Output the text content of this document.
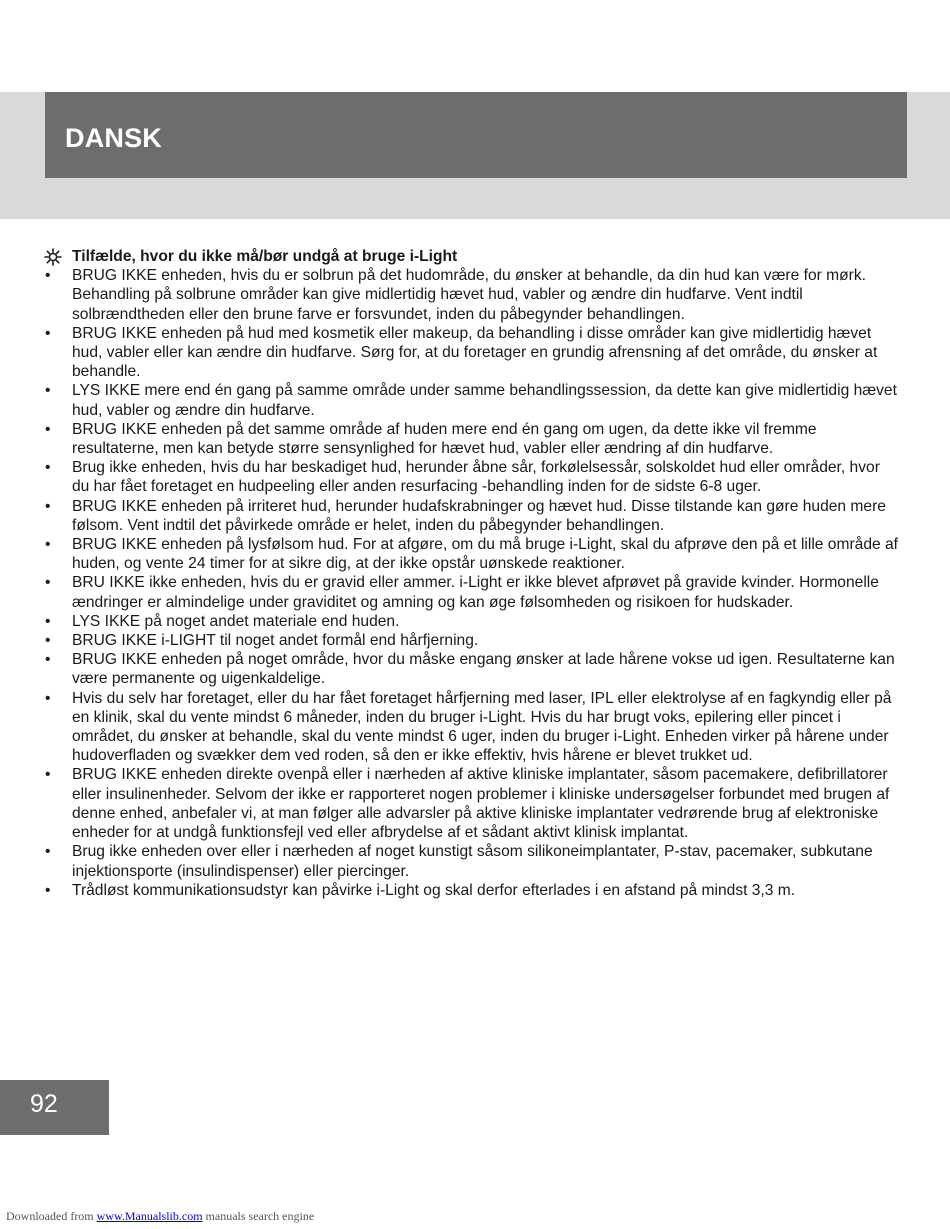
DANSK
Tilfælde, hvor du ikke må/bør undgå at bruge i-Light
•	BRUG IKKE enheden, hvis du er solbrun på det hudområde, du ønsker at behandle, da din hud kan være for mørk. Behandling på solbrune områder kan give midlertidig hævet hud, vabler og ændre din hudfarve. Vent indtil solbrændtheden eller den brune farve er forsvundet, inden du påbegynder behandlingen.
•	BRUG IKKE enheden på hud med kosmetik eller makeup, da behandling i disse områder kan give midlertidig hævet hud, vabler eller kan ændre din hudfarve. Sørg for, at du foretager en grundig afrensning af det område, du ønsker at behandle.
•	LYS IKKE mere end én gang på samme område under samme behandlingssession, da dette kan give midlertidig hævet hud, vabler og ændre din hudfarve.
•	BRUG IKKE enheden på det samme område af huden mere end én gang om ugen, da dette ikke vil fremme resultaterne, men kan betyde større sensynlighed for hævet hud, vabler eller ændring af din hudfarve.
•	Brug ikke enheden, hvis du har beskadiget hud, herunder åbne sår, forkølelsessår, solskoldet hud eller områder, hvor du har fået foretaget en hudpeeling eller anden resurfacing -behandling inden for de sidste 6-8 uger.
•	BRUG IKKE enheden på irriteret hud, herunder hudafskrabninger og hævet hud. Disse tilstande kan gøre huden mere følsom. Vent indtil det påvirkede område er helet, inden du påbegynder behandlingen.
•	BRUG IKKE enheden på lysfølsom hud. For at afgøre, om du må bruge i-Light, skal du afprøve den på et lille område af huden, og vente 24 timer for at sikre dig, at der ikke opstår uønskede reaktioner.
•	BRU IKKE ikke enheden, hvis du er gravid eller ammer. i-Light er ikke blevet afprøvet på gravide kvinder. Hormonelle ændringer er almindelige under graviditet og amning og kan øge følsomheden og risikoen for hudskader.
•	LYS IKKE på noget andet materiale end huden.
•	BRUG IKKE i-LIGHT til noget andet formål end hårfjerning.
•	BRUG IKKE enheden på noget område, hvor du måske engang ønsker at lade hårene vokse ud igen. Resultaterne kan være permanente og uigenkaldelige.
•	Hvis du selv har foretaget, eller du har fået foretaget hårfjerning med laser, IPL eller elektrolyse af en fagkyndig eller på en klinik, skal du vente mindst 6 måneder, inden du bruger i-Light. Hvis du har brugt voks, epilering eller pincet i området, du ønsker at behandle, skal du vente mindst 6 uger, inden du bruger i-Light. Enheden virker på hårene under hudoverfladen og svækker dem ved roden, så den er ikke effektiv, hvis hårene er blevet trukket ud.
•	BRUG IKKE enheden direkte ovenpå eller i nærheden af aktive kliniske implantater, såsom pacemakere, defibrillatorer eller insulinenheder. Selvom der ikke er rapporteret nogen problemer i kliniske undersøgelser forbundet med brugen af denne enhed, anbefaler vi, at man følger alle advarsler på aktive kliniske implantater vedrørende brug af elektroniske enheder for at undgå funktionsfejl ved eller afbrydelse af et sådant aktivt klinisk implantat.
•	Brug ikke enheden over eller i nærheden af noget kunstigt såsom silikoneimplantater, P-stav, pacemaker, subkutane injektionsporte (insulindispenser) eller piercinger.
•	Trådløst kommunikationsudstyr kan påvirke i-Light og skal derfor efterlades i en afstand på mindst 3,3 m.
92
Downloaded from www.Manualslib.com manuals search engine
